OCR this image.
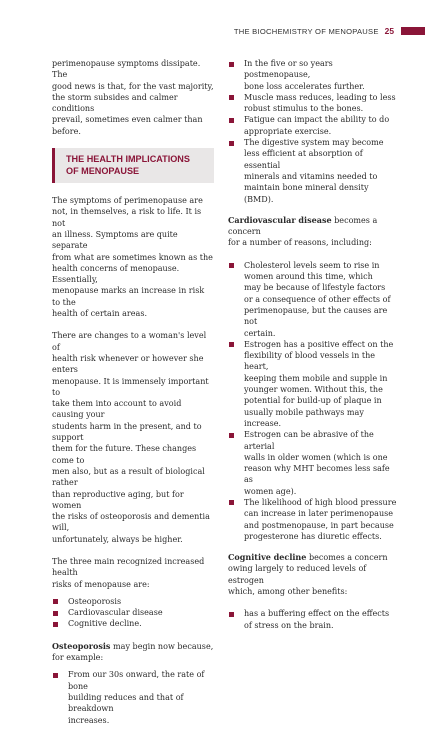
THE BIOCHEMISTRY OF MENOPAUSE 25

perimenopause symptoms dissipate. The
good news is that, for the vast majority,
the storm subsides and calmer conditions
prevail, sometimes even calmer than before.

THE HEALTH IMPLICATIONS
OF MENOPAUSE

The symptoms of perimenopause are
not, in themselves, a risk to life. It is not
an illness. Symptoms are quite separate
from what are sometimes known as the
health concerns of menopause. Essentially,
menopause marks an increase in risk to the
health of certain areas.

There are changes to a woman's level of
health risk whenever or however she enters
menopause. It is immensely important to
take them into account to avoid causing your
students harm in the present, and to support
them for the future. These changes come to
men also, but as a result of biological rather
than reproductive aging, but for women
the risks of osteoporosis and dementia will,
unfortunately, always be higher.

The three main recognized increased health
risks of menopause are:

Osteoporosis
Cardiovascular disease
Cognitive decline.

Osteoporosis may begin now because,
for example:

From our 30s onward, the rate of bone
building reduces and that of breakdown
increases.
In the five or so years postmenopause,
bone loss accelerates further.
Muscle mass reduces, leading to less
robust stimulus to the bones.
Fatigue can impact the ability to do
appropriate exercise.
The digestive system may become
less efficient at absorption of essential
minerals and vitamins needed to
maintain bone mineral density (BMD).

Cardiovascular disease becomes a concern
for a number of reasons, including:

Cholesterol levels seem to rise in
women around this time, which
may be because of lifestyle factors
or a consequence of other effects of
perimenopause, but the causes are not
certain.
Estrogen has a positive effect on the
flexibility of blood vessels in the heart,
keeping them mobile and supple in
younger women. Without this, the
potential for build-up of plaque in
usually mobile pathways may increase.
Estrogen can be abrasive of the arterial
walls in older women (which is one
reason why MHT becomes less safe as
women age).
The likelihood of high blood pressure
can increase in later perimenopause
and postmenopause, in part because
progesterone has diuretic effects.

Cognitive decline becomes a concern
owing largely to reduced levels of estrogen
which, among other benefits:

has a buffering effect on the effects
of stress on the brain.
